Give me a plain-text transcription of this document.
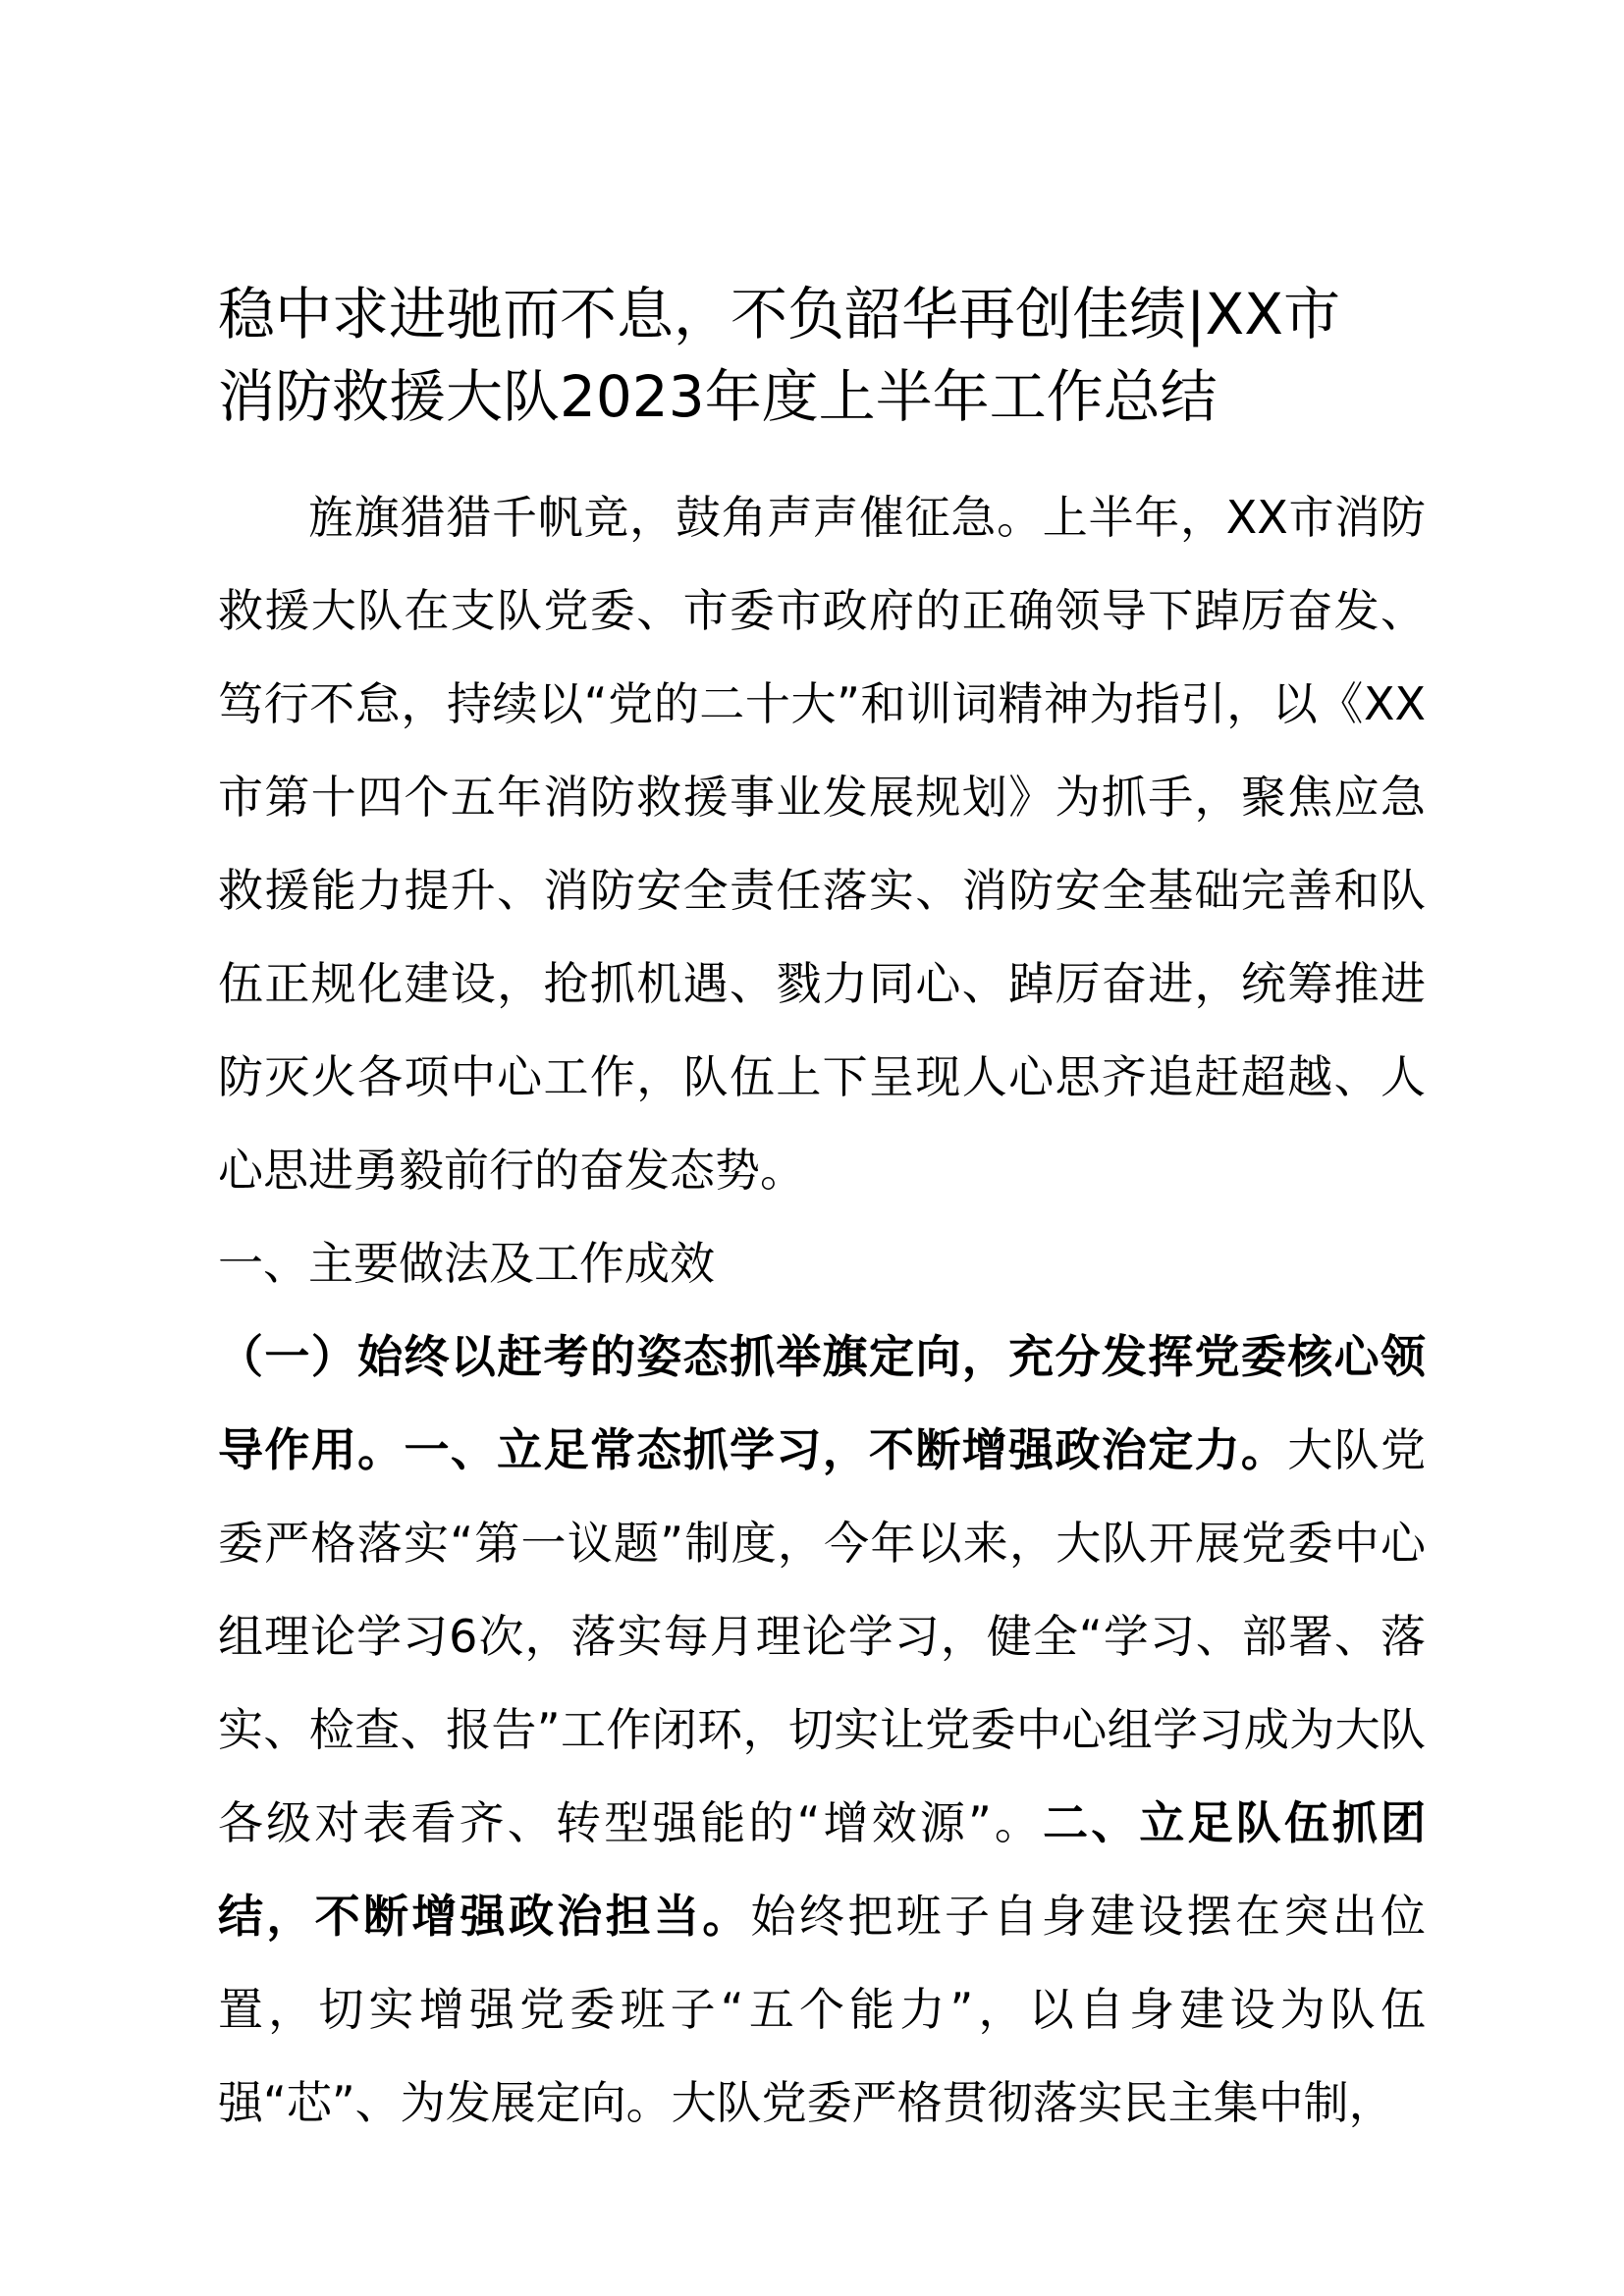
稳中求进驰而不息，不负韶华再创佳绩|XX市
消防救援大队2023年度上半年工作总结

旌旗猎猎千帆竞，鼓角声声催征急。上半年，XX市消防救援大队在支队党委、市委市政府的正确领导下踔厉奋发、笃行不怠，持续以“党的二十大”和训词精神为指引，以《XX市第十四个五年消防救援事业发展规划》为抓手，聚焦应急救援能力提升、消防安全责任落实、消防安全基础完善和队伍正规化建设，抢抓机遇、戮力同心、踔厉奋进，统筹推进防灭火各项中心工作，队伍上下呈现人心思齐追赶超越、人心思进勇毅前行的奋发态势。

一、主要做法及工作成效

（一）始终以赶考的姿态抓举旗定向，充分发挥党委核心领导作用。一、立足常态抓学习，不断增强政治定力。大队党委严格落实“第一议题”制度，今年以来，大队开展党委中心组理论学习6次，落实每月理论学习，健全“学习、部署、落实、检查、报告”工作闭环，切实让党委中心组学习成为大队各级对表看齐、转型强能的“增效源”。二、立足队伍抓团结，不断增强政治担当。始终把班子自身建设摆在突出位置，切实增强党委班子“五个能力”，以自身建设为队伍强“芯”、为发展定向。大队党委严格贯彻落实民主集中制，
